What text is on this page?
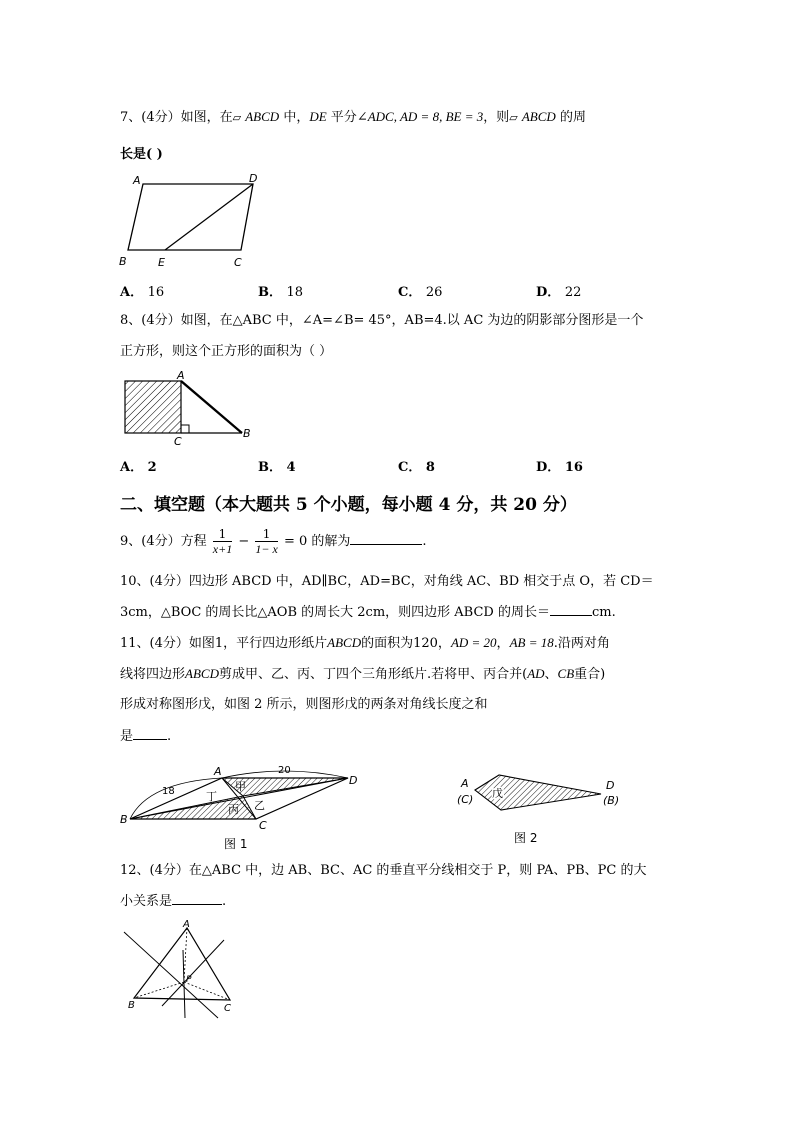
7、(4分）如图，在▱ ABCD 中，DE 平分∠ADC, AD = 8, BE = 3，则▱ ABCD 的周
长是( )
A	D
B	E	C
A． 16	B． 18	C． 26	D． 22
8、(4分）如图，在△ABC 中，∠A=∠B= 45°，AB=4.以 AC 为边的阴影部分图形是一个
正方形，则这个正方形的面积为（ ）
A
C
B
A． 2	B． 4	C． 8	D． 16
二、填空题（本大题共 5 个小题，每小题 4 分，共 20 分）
9、(4分）方程 $\frac{1}{x+1} - \frac{1}{1- x} = 0$ 的解为	.
10、(4分）四边形 ABCD 中，AD∥BC，AD=BC，对角线 AC、BD 相交于点 O，若 CD＝
3cm，△BOC 的周长比△AOB 的周长大 2cm，则四边形 ABCD 的周长＝	cm.
11、(4分）如图1，平行四边形纸片ABCD的面积为120，AD = 20，AB = 18.沿两对角
线将四边形ABCD剪成甲、乙、丙、丁四个三角形纸片.若将甲、丙合并(AD、CB重合)
形成对称图形戊，如图 2 所示，则图形戊的两条对角线长度之和
是	.
18
20
A
D
B	C
甲
丁
丙 乙
图 1
戊
A
(C)
D
(B)
图 2
12、(4分）在△ABC 中，边 AB、BC、AC 的垂直平分线相交于 P，则 PA、PB、PC 的大
小关系是	.
A
P
B	C
